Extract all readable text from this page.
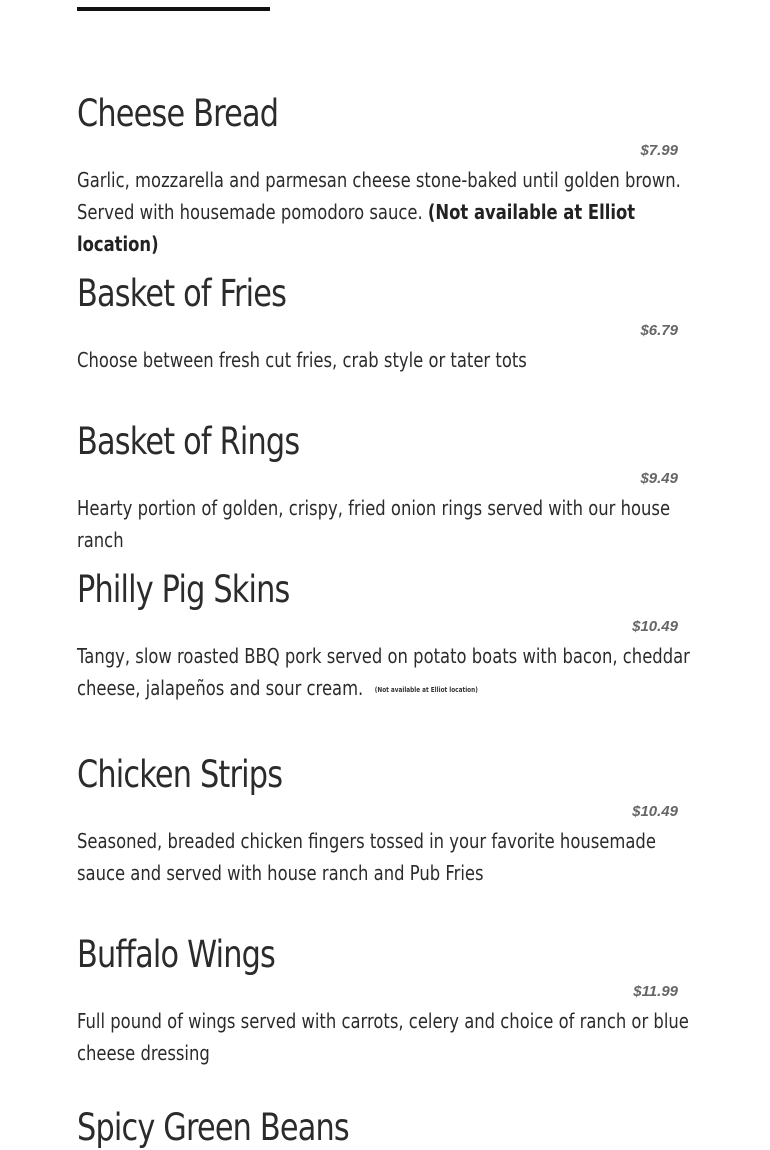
Cheese Bread
$7.99
Garlic, mozzarella and parmesan cheese stone-baked until golden brown. Served with housemade pomodoro sauce. (Not available at Elliot location)
Basket of Fries
$6.79
Choose between fresh cut fries, crab style or tater tots
Basket of Rings
$9.49
Hearty portion of golden, crispy, fried onion rings served with our house ranch
Philly Pig Skins
$10.49
Tangy, slow roasted BBQ pork served on potato boats with bacon, cheddar cheese, jalapeños and sour cream. (Not available at Elliot location)
Chicken Strips
$10.49
Seasoned, breaded chicken fingers tossed in your favorite housemade sauce and served with house ranch and Pub Fries
Buffalo Wings
$11.99
Full pound of wings served with carrots, celery and choice of ranch or blue cheese dressing
Spicy Green Beans
